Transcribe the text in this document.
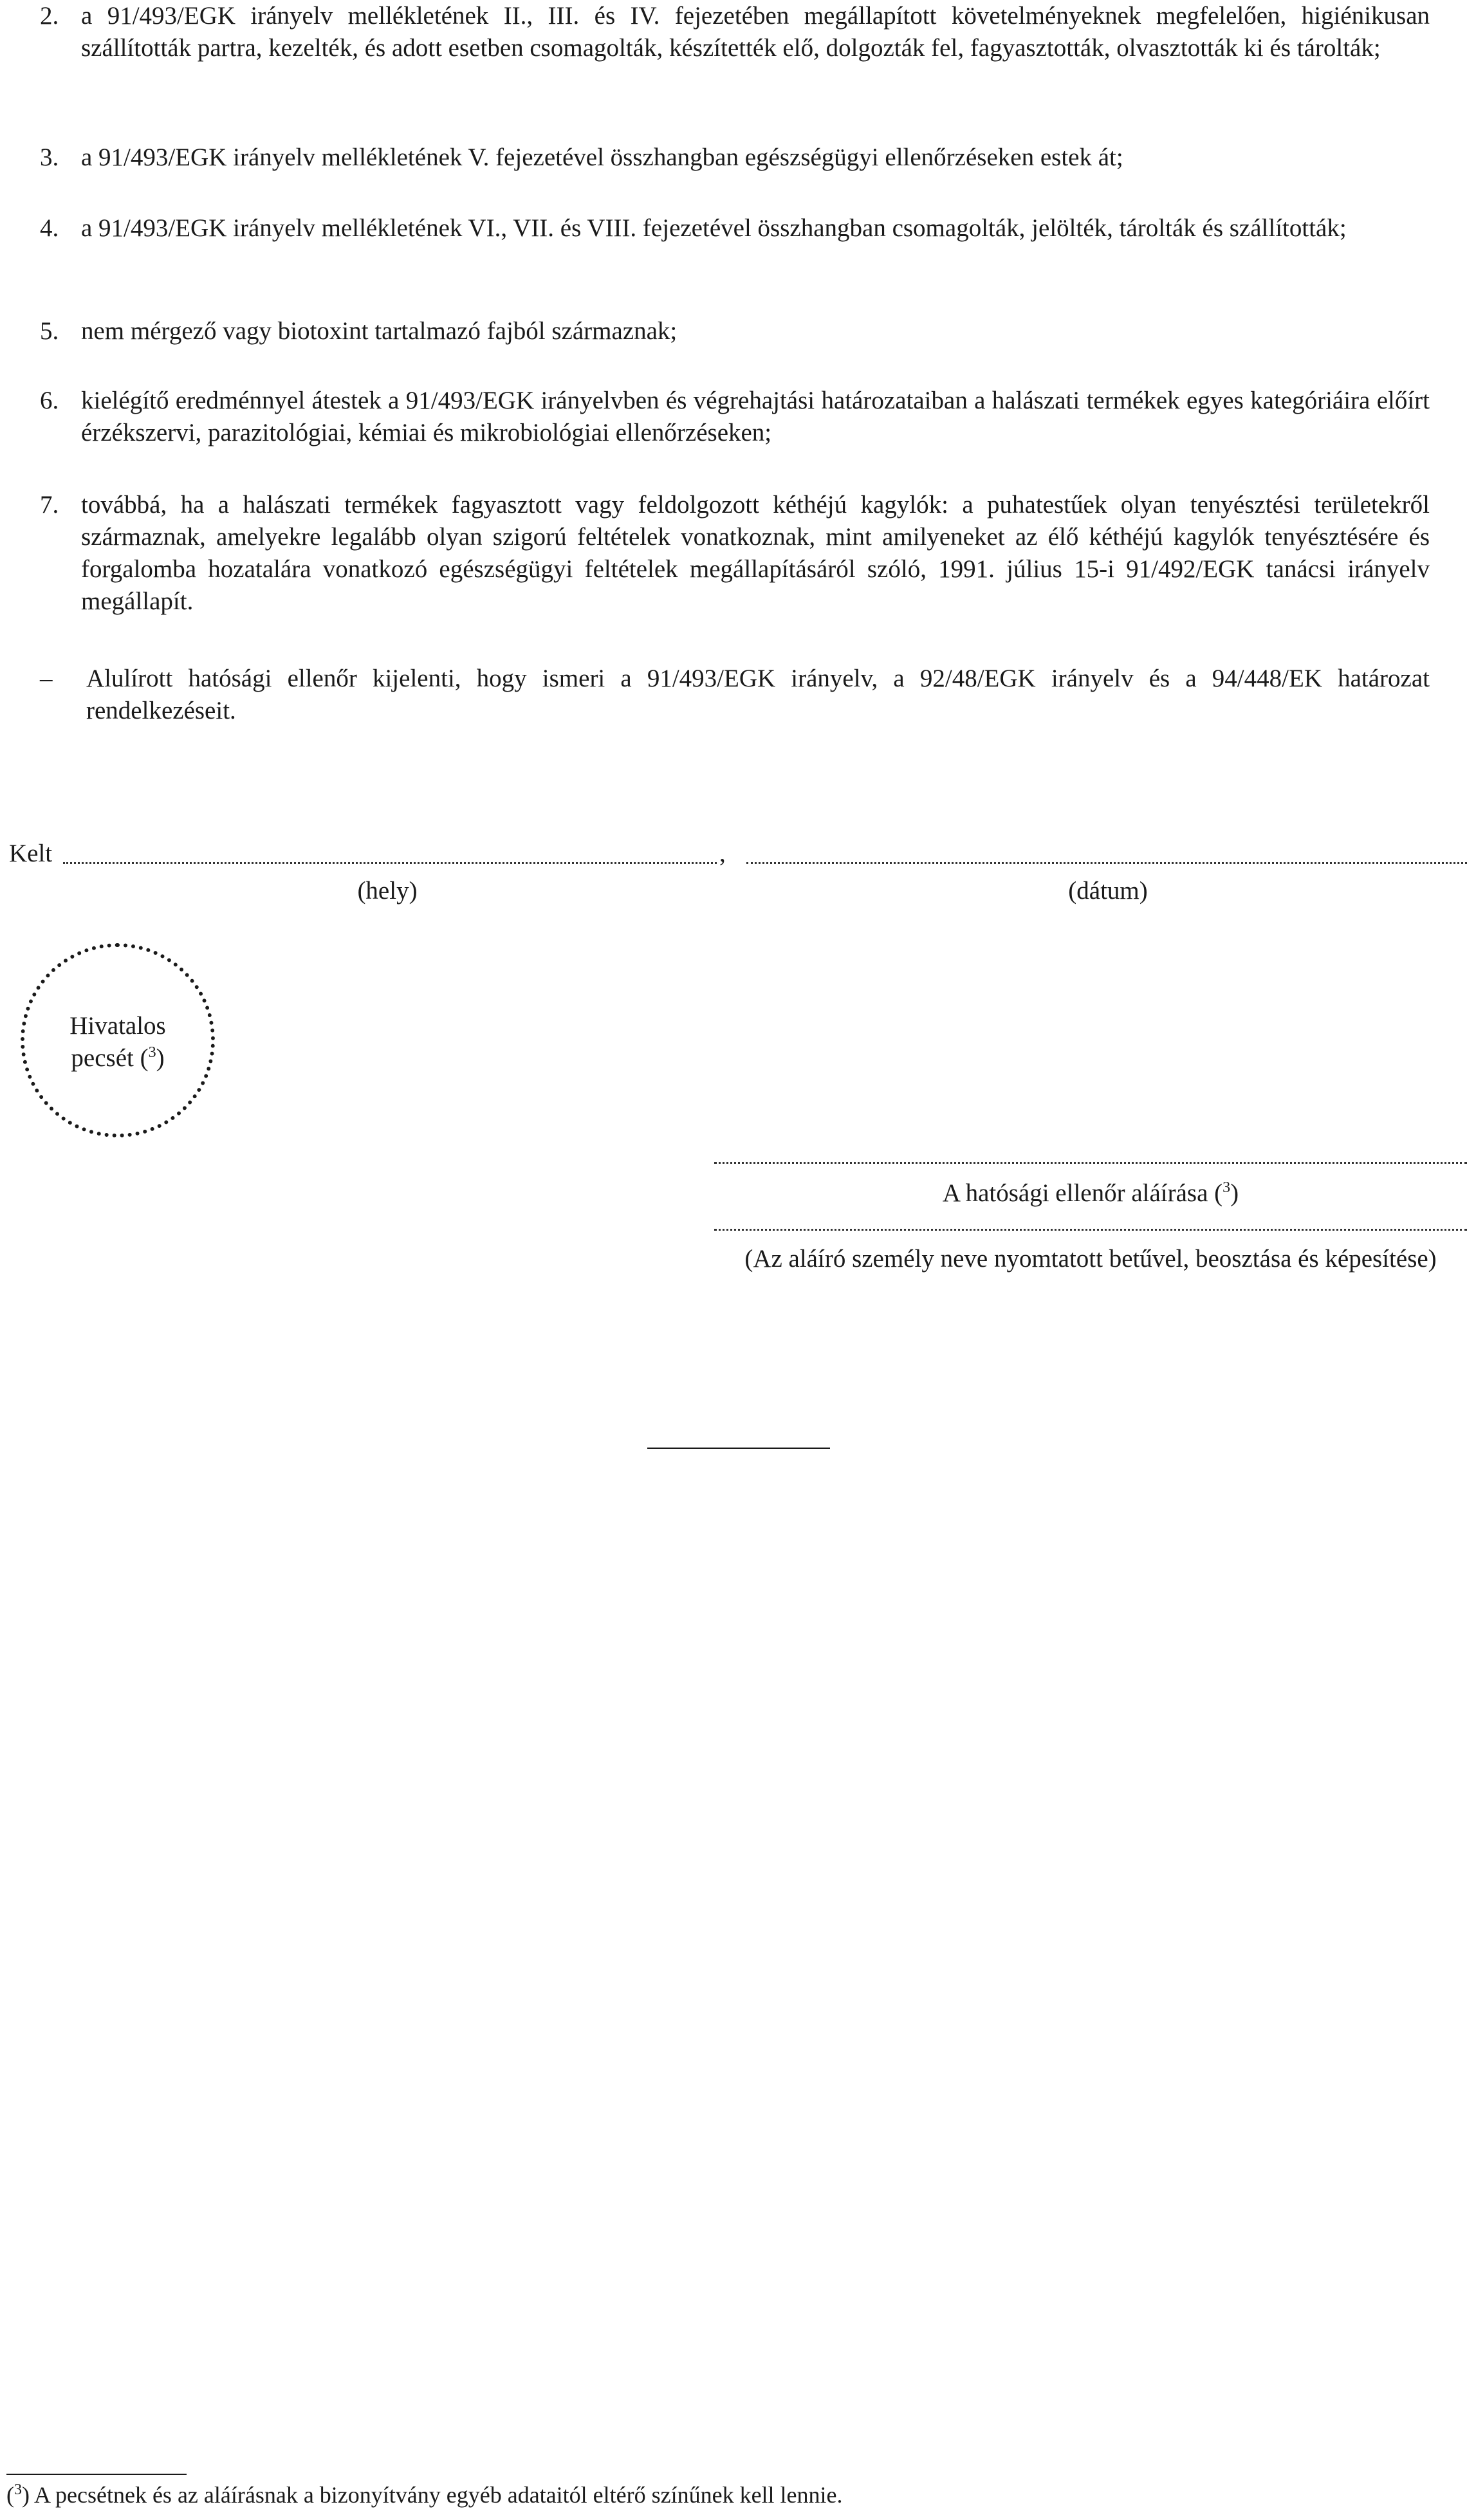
2. a 91/493/EGK irányelv mellékletének II., III. és IV. fejezetében megállapított követelményeknek megfelelően, higiénikusan szállították partra, kezelték, és adott esetben csomagolták, készítették elő, dolgozták fel, fagyasztották, olvasztották ki és tárolták;
3. a 91/493/EGK irányelv mellékletének V. fejezetével összhangban egészségügyi ellenőrzéseken estek át;
4. a 91/493/EGK irányelv mellékletének VI., VII. és VIII. fejezetével összhangban csomagolták, jelölték, tárolták és szállították;
5. nem mérgező vagy biotoxint tartalmazó fajból származnak;
6. kielégítő eredménnyel átestek a 91/493/EGK irányelvben és végrehajtási határozataiban a halászati termékek egyes kategóriáira előírt érzékszervi, parazitológiai, kémiai és mikrobiológiai ellenőrzéseken;
7. továbbá, ha a halászati termékek fagyasztott vagy feldolgozott kéthéjú kagylók: a puhatestűek olyan tenyésztési területekről származnak, amelyekre legalább olyan szigorú feltételek vonatkoznak, mint amilyeneket az élő kéthéjú kagylók tenyésztésére és forgalomba hozatalára vonatkozó egészségügyi feltételek megállapításáról szóló, 1991. július 15-i 91/492/EGK tanácsi irányelv megállapít.
– Alulírott hatósági ellenőr kijelenti, hogy ismeri a 91/493/EGK irányelv, a 92/48/EGK irányelv és a 94/448/EK határozat rendelkezéseit.
Kelt	,
(hely)	(dátum)
Hivatalos
pecsét ($^3$)
A hatósági ellenőr aláírása ($^3$)
(Az aláíró személy neve nyomtatott betűvel, beosztása és képesítése)
($^3$) A pecsétnek és az aláírásnak a bizonyítvány egyéb adataitól eltérő színűnek kell lennie.
